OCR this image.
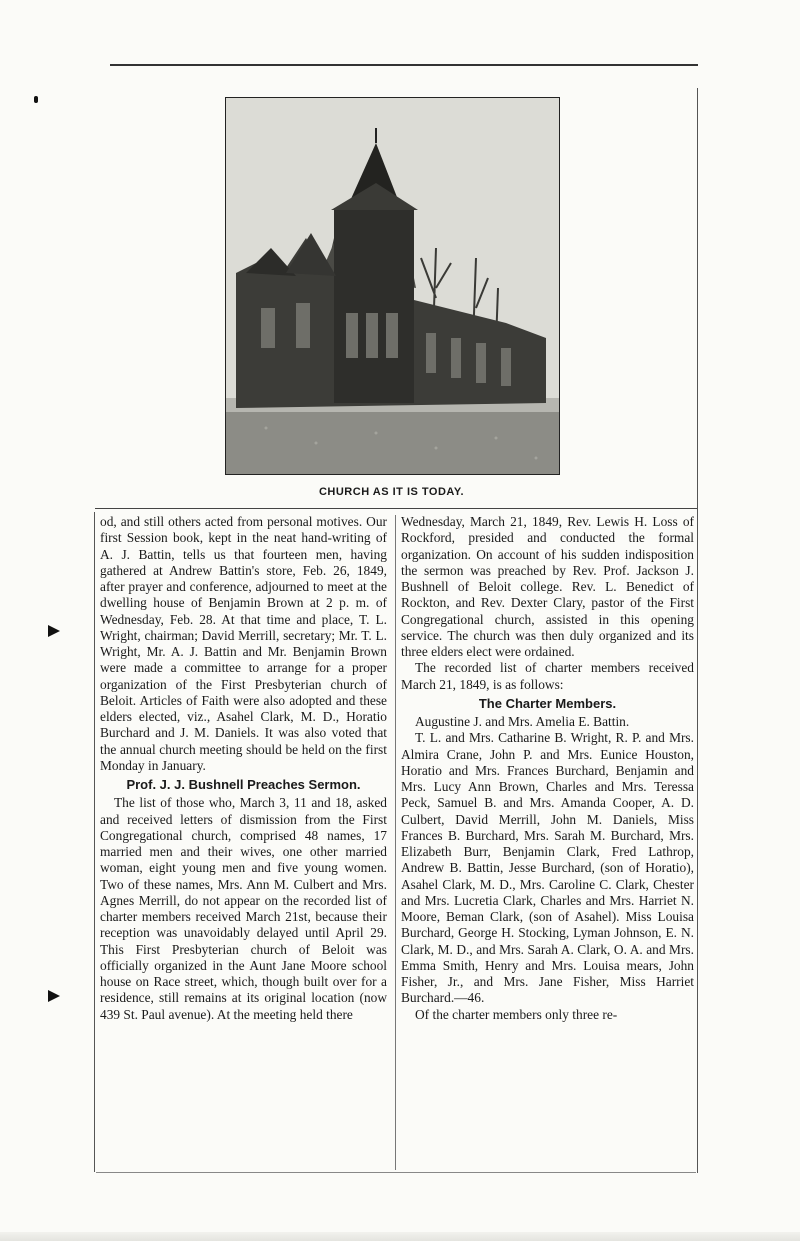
CHURCH AS IT IS TODAY.

od, and still others acted from personal motives. Our first Session book, kept in the neat hand-writing of A. J. Battin, tells us that fourteen men, having gathered at Andrew Battin's store, Feb. 26, 1849, after prayer and conference, adjourned to meet at the dwelling house of Benjamin Brown at 2 p. m. of Wednesday, Feb. 28. At that time and place, T. L. Wright, chairman; David Merrill, secretary; Mr. T. L. Wright, Mr. A. J. Battin and Mr. Benjamin Brown were made a committee to arrange for a proper organization of the First Presbyterian church of Beloit. Articles of Faith were also adopted and these elders elected, viz., Asahel Clark, M. D., Horatio Burchard and J. M. Daniels. It was also voted that the annual church meeting should be held on the first Monday in January.

Prof. J. J. Bushnell Preaches Sermon.

The list of those who, March 3, 11 and 18, asked and received letters of dismission from the First Congregational church, comprised 48 names, 17 married men and their wives, one other married woman, eight young men and five young women. Two of these names, Mrs. Ann M. Culbert and Mrs. Agnes Merrill, do not appear on the recorded list of charter members received March 21st, because their reception was unavoidably delayed until April 29. This First Presbyterian church of Beloit was officially organized in the Aunt Jane Moore school house on Race street, which, though built over for a residence, still remains at its original location (now 439 St. Paul avenue). At the meeting held there

Wednesday, March 21, 1849, Rev. Lewis H. Loss of Rockford, presided and conducted the formal organization. On account of his sudden indisposition the sermon was preached by Rev. Prof. Jackson J. Bushnell of Beloit college. Rev. L. Benedict of Rockton, and Rev. Dexter Clary, pastor of the First Congregational church, assisted in this opening service. The church was then duly organized and its three elders elect were ordained.

The recorded list of charter members received March 21, 1849, is as follows:

The Charter Members.

Augustine J. and Mrs. Amelia E. Battin.

T. L. and Mrs. Catharine B. Wright, R. P. and Mrs. Almira Crane, John P. and Mrs. Eunice Houston, Horatio and Mrs. Frances Burchard, Benjamin and Mrs. Lucy Ann Brown, Charles and Mrs. Teressa Peck, Samuel B. and Mrs. Amanda Cooper, A. D. Culbert, David Merrill, John M. Daniels, Miss Frances B. Burchard, Mrs. Sarah M. Burchard, Mrs. Elizabeth Burr, Benjamin Clark, Fred Lathrop, Andrew B. Battin, Jesse Burchard, (son of Horatio), Asahel Clark, M. D., Mrs. Caroline C. Clark, Chester and Mrs. Lucretia Clark, Charles and Mrs. Harriet N. Moore, Beman Clark, (son of Asahel). Miss Louisa Burchard, George H. Stocking, Lyman Johnson, E. N. Clark, M. D., and Mrs. Sarah A. Clark, O. A. and Mrs. Emma Smith, Henry and Mrs. Louisa mears, John Fisher, Jr., and Mrs. Jane Fisher, Miss Harriet Burchard.—46.

Of the charter members only three re-
